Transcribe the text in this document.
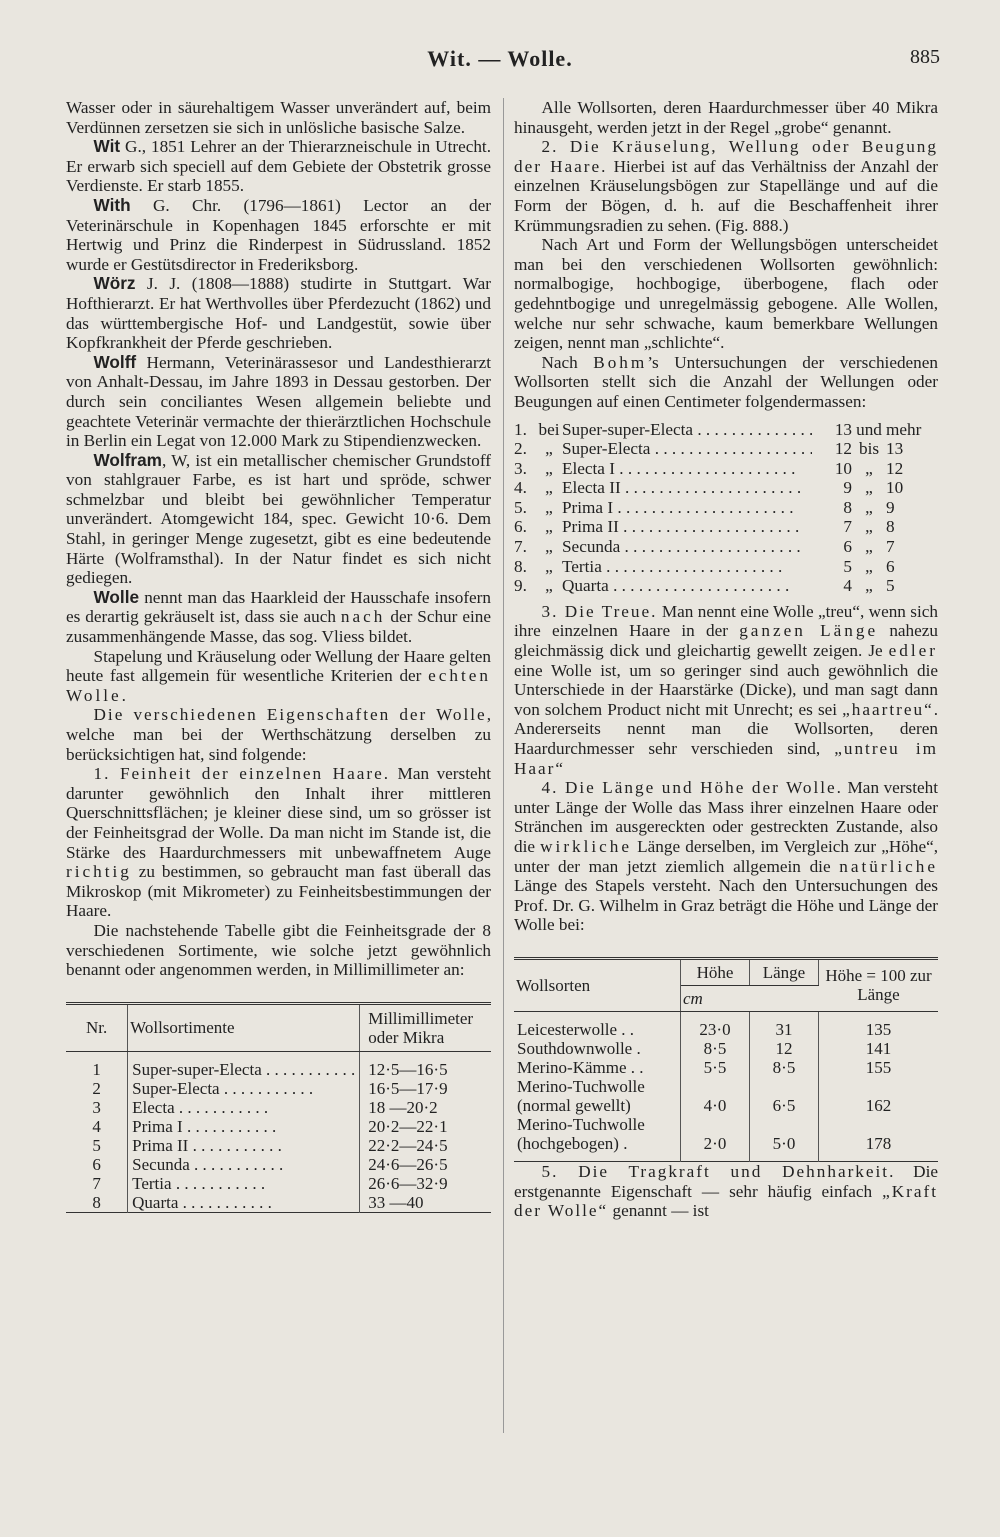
Wit. — Wolle.	885

Wasser oder in säurehaltigem Wasser unverändert auf, beim Verdünnen zersetzen sie sich in unlösliche basische Salze.

Wit G., 1851 Lehrer an der Thierarzneischule in Utrecht. Er erwarb sich speciell auf dem Gebiete der Obstetrik grosse Verdienste. Er starb 1855.

With G. Chr. (1796—1861) Lector an der Veterinärschule in Kopenhagen 1845 erforschte er mit Hertwig und Prinz die Rinderpest in Südrussland. 1852 wurde er Gestütsdirector in Frederiksborg.

Wörz J. J. (1808—1888) studirte in Stuttgart. War Hofthierarzt. Er hat Werthvolles über Pferdezucht (1862) und das württembergische Hof- und Landgestüt, sowie über Kopfkrankheit der Pferde geschrieben.

Wolff Hermann, Veterinärassesor und Landesthierarzt von Anhalt-Dessau, im Jahre 1893 in Dessau gestorben. Der durch sein conciliantes Wesen allgemein beliebte und geachtete Veterinär vermachte der thierärztlichen Hochschule in Berlin ein Legat von 12.000 Mark zu Stipendienzwecken.

Wolfram, W, ist ein metallischer chemischer Grundstoff von stahlgrauer Farbe, es ist hart und spröde, schwer schmelzbar und bleibt bei gewöhnlicher Temperatur unverändert. Atomgewicht 184, spec. Gewicht 10·6. Dem Stahl, in geringer Menge zugesetzt, gibt es eine bedeutende Härte (Wolframsthal). In der Natur findet es sich nicht gediegen.

Wolle nennt man das Haarkleid der Hausschafe insofern es derartig gekräuselt ist, dass sie auch nach der Schur eine zusammenhängende Masse, das sog. Vliess bildet.

Stapelung und Kräuselung oder Wellung der Haare gelten heute fast allgemein für wesentliche Kriterien der echten Wolle.

Die verschiedenen Eigenschaften der Wolle, welche man bei der Werthschätzung derselben zu berücksichtigen hat, sind folgende:

1. Feinheit der einzelnen Haare. Man versteht darunter gewöhnlich den Inhalt ihrer mittleren Querschnittsflächen; je kleiner diese sind, um so grösser ist der Feinheitsgrad der Wolle. Da man nicht im Stande ist, die Stärke des Haardurchmessers mit unbewaffnetem Auge richtig zu bestimmen, so gebraucht man fast überall das Mikroskop (mit Mikrometer) zu Feinheitsbestimmungen der Haare.

Die nachstehende Tabelle gibt die Feinheitsgrade der 8 verschiedenen Sortimente, wie solche jetzt gewöhnlich benannt oder angenommen werden, in Millimillimeter an:

Nr.	Wollsortimente	Millimillimeter oder Mikra

1	Super-super-Electa . . .	12·5—16·5
2	Super-Electa . . .	16·5—17·9
3	Electa . . .	18 —20·2
4	Prima I . . .	20·2—22·1
5	Prima II . . .	22·2—24·5
6	Secunda . . .	24·6—26·5
7	Tertia . . .	26·6—32·9
8	Quarta . . .	33 —40

Alle Wollsorten, deren Haardurchmesser über 40 Mikra hinausgeht, werden jetzt in der Regel „grobe“ genannt.

2. Die Kräuselung, Wellung oder Beugung der Haare. Hierbei ist auf das Verhältniss der Anzahl der einzelnen Kräuselungsbögen zur Stapellänge und auf die Form der Bögen, d. h. auf die Beschaffenheit ihrer Krümmungsradien zu sehen. (Fig. 888.)

Nach Art und Form der Wellungsbögen unterscheidet man bei den verschiedenen Wollsorten gewöhnlich: normalbogige, hochbogige, überbogene, flach oder gedehntbogige und unregelmässig gebogene. Alle Wollen, welche nur sehr schwache, kaum bemerkbare Wellungen zeigen, nennt man „schlichte“.

Nach Bohm’s Untersuchungen der verschiedenen Wollsorten stellt sich die Anzahl der Wellungen oder Beugungen auf einen Centimeter folgendermassen:

1. bei Super-super-Electa . . .	13 und mehr
2.	„ Super-Electa . . .	12 bis 13
3.	„ Electa I . . .	10 „ 12
4.	„ Electa II . . .	9 „ 10
5.	„ Prima I . . .	8 „ 9
6.	„ Prima II . . .	7 „ 8
7.	„ Secunda . . .	6 „ 7
8.	„ Tertia . . .	5 „ 6
9.	„ Quarta . . .	4 „ 5

3. Die Treue. Man nennt eine Wolle „treu“, wenn sich ihre einzelnen Haare in der ganzen Länge nahezu gleichmässig dick und gleichartig gewellt zeigen. Je edler eine Wolle ist, um so geringer sind auch gewöhnlich die Unterschiede in der Haarstärke (Dicke), und man sagt dann von solchem Product nicht mit Unrecht; es sei „haartreu“. Andererseits nennt man die Wollsorten, deren Haardurchmesser sehr verschieden sind, „untreu im Haar“

4. Die Länge und Höhe der Wolle. Man versteht unter Länge der Wolle das Mass ihrer einzelnen Haare oder Stränchen im ausgereckten oder gestreckten Zustande, also die wirkliche Länge derselben, im Vergleich zur „Höhe“, unter der man jetzt ziemlich allgemein die natürliche Länge des Stapels versteht. Nach den Untersuchungen des Prof. Dr. G. Wilhelm in Graz beträgt die Höhe und Länge der Wolle bei:

Wollsorten	Höhe	Länge	Höhe = 100 zur Länge
	cm		

Leicesterwolle . .	23·0	31	135
Southdownwolle .	8·5	12	141
Merino-Kämme . .	5·5	8·5	155
Merino-Tuchwolle (normal gewellt)	4·0	6·5	162
Merino-Tuchwolle (hochgebogen) .	2·0	5·0	178

5. Die Tragkraft und Dehnharkeit. Die erstgenannte Eigenschaft — sehr häufig einfach „Kraft der Wolle“ genannt — ist
